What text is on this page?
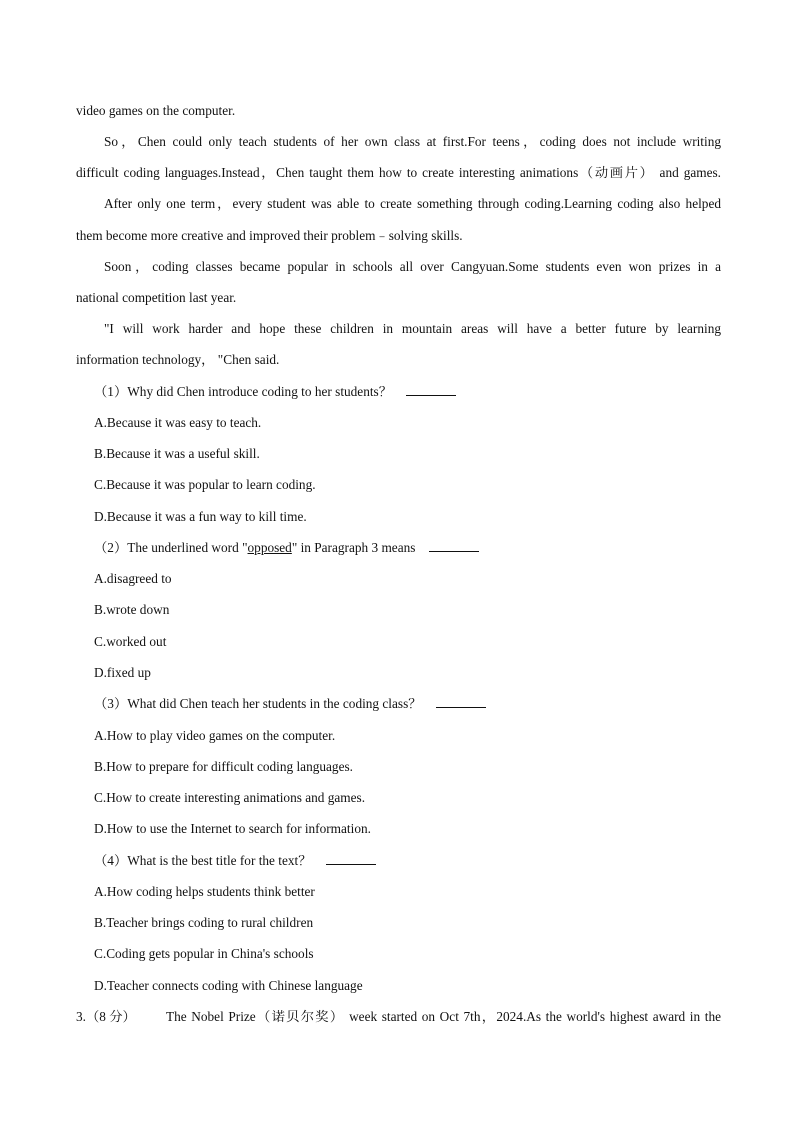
video games on the computer.
So，Chen could only teach students of her own class at first.For teens，coding does not include writing
difficult coding languages.Instead，Chen taught them how to create interesting animations（动画片） and games.
After only one term，every student was able to create something through coding.Learning coding also helped
them become more creative and improved their problem﹣solving skills.
Soon，coding classes became popular in schools all over Cangyuan.Some students even won prizes in a
national competition last year.
"I will work harder and hope these children in mountain areas will have a better future by learning
information technology， "Chen said.
（1）Why did Chen introduce coding to her students？
A.Because it was easy to teach.
B.Because it was a useful skill.
C.Because it was popular to learn coding.
D.Because it was a fun way to kill time.
（2）The underlined word "opposed" in Paragraph 3 means
A.disagreed to
B.wrote down
C.worked out
D.fixed up
（3）What did Chen teach her students in the coding class？
A.How to play video games on the computer.
B.How to prepare for difficult coding languages.
C.How to create interesting animations and games.
D.How to use the Internet to search for information.
（4）What is the best title for the text？
A.How coding helps students think better
B.Teacher brings coding to rural children
C.Coding gets popular in China's schools
D.Teacher connects coding with Chinese language
3.（8 分） The Nobel Prize（诺贝尔奖） week started on Oct 7th，2024.As the world's highest award in the
